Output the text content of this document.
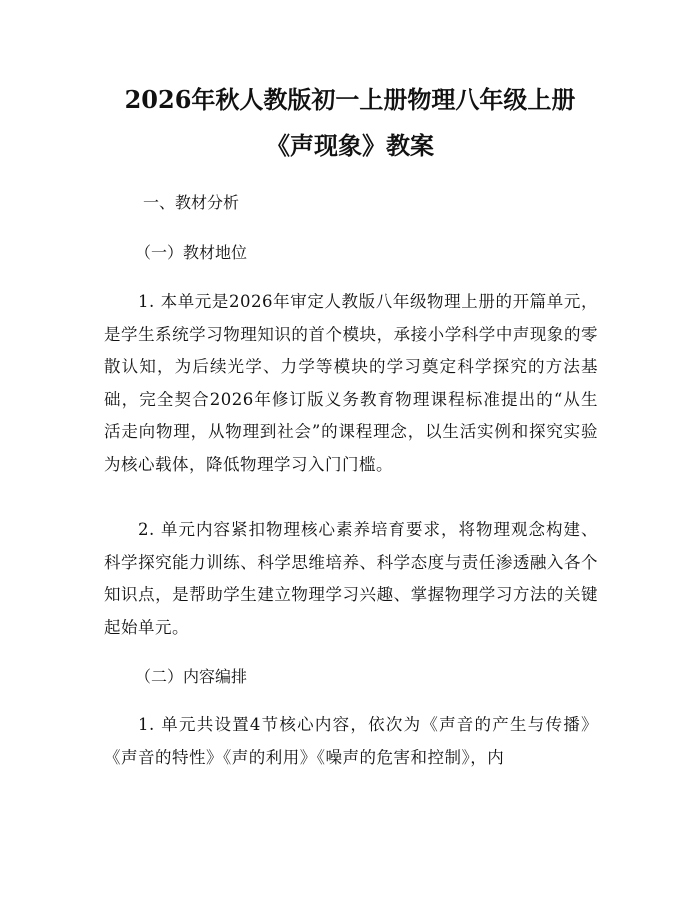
2026年秋人教版初一上册物理八年级上册
《声现象》教案
一、教材分析
（一）教材地位

1. 本单元是2026年审定人教版八年级物理上册的开篇单元，是学生系统学习物理知识的首个模块，承接小学科学中声现象的零散认知，为后续光学、力学等模块的学习奠定科学探究的方法基础，完全契合2026年修订版义务教育物理课程标准提出的“从生活走向物理，从物理到社会”的课程理念，以生活实例和探究实验为核心载体，降低物理学习入门门槛。

2. 单元内容紧扣物理核心素养培育要求，将物理观念构建、科学探究能力训练、科学思维培养、科学态度与责任渗透融入各个知识点，是帮助学生建立物理学习兴趣、掌握物理学习方法的关键起始单元。

（二）内容编排

1. 单元共设置4节核心内容，依次为《声音的产生与传播》《声音的特性》《声的利用》《噪声的危害和控制》，内
